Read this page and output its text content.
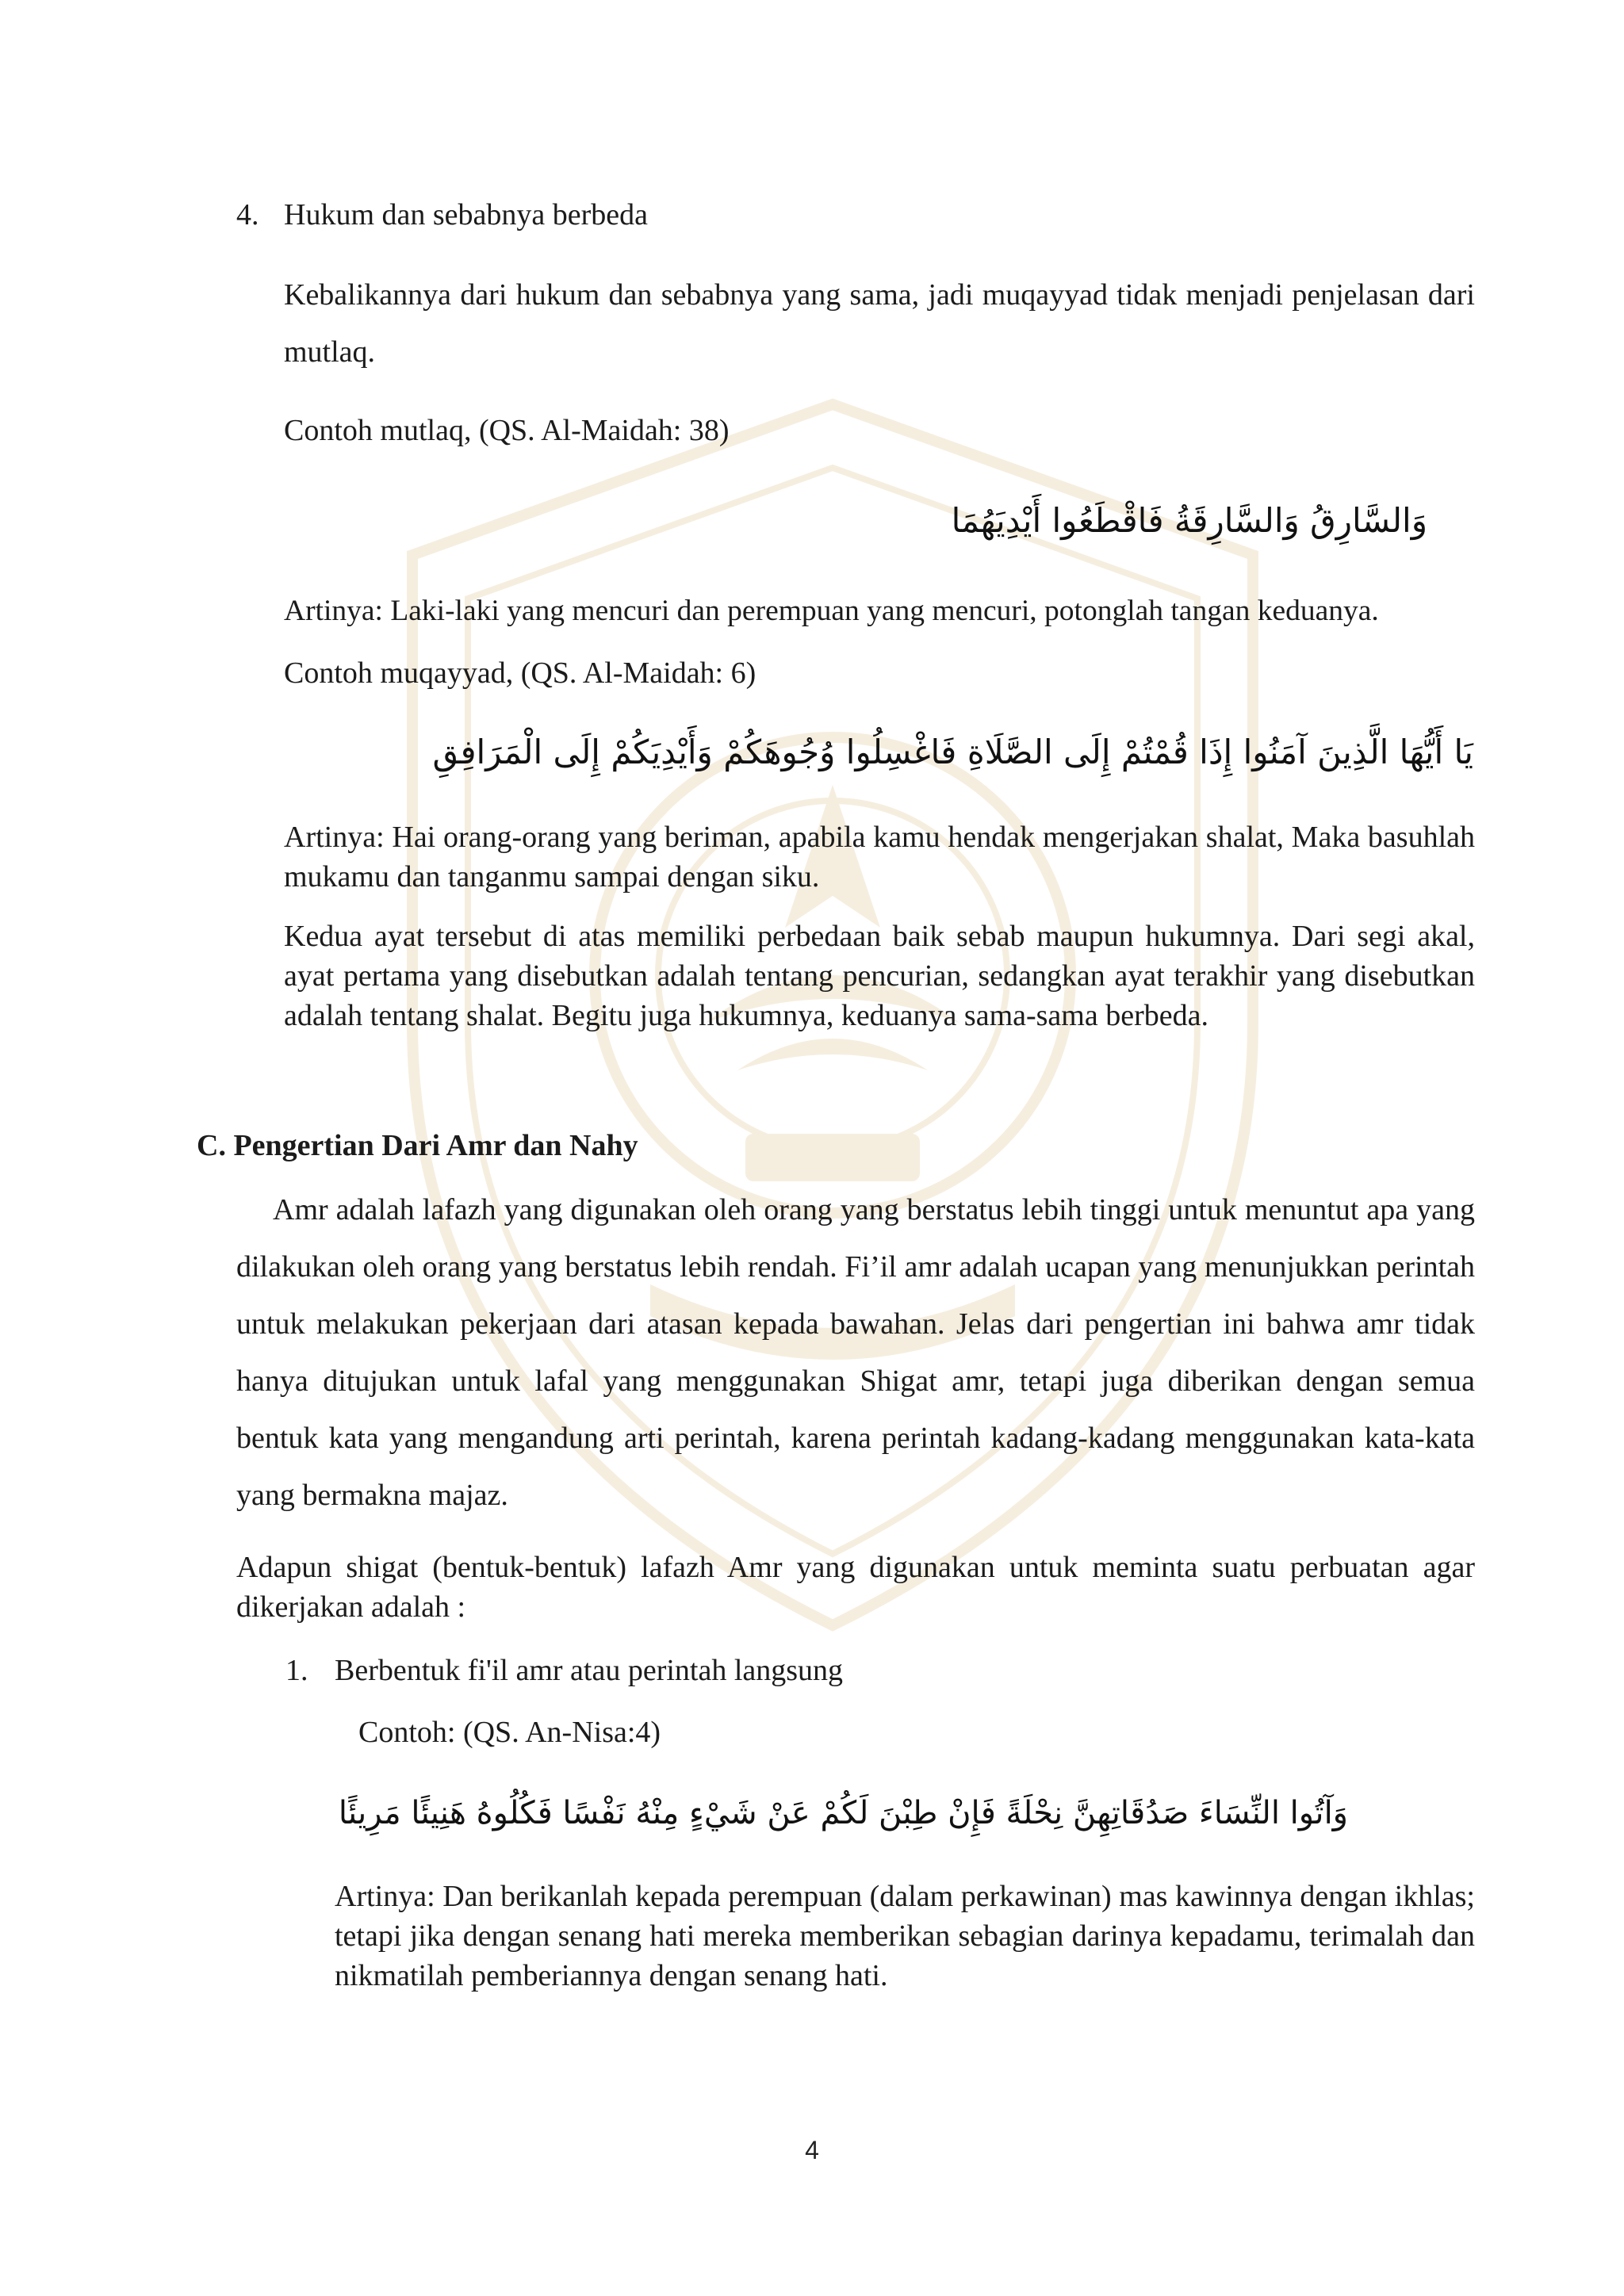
4. Hukum dan sebabnya berbeda
Kebalikannya dari hukum dan sebabnya yang sama, jadi muqayyad tidak menjadi penjelasan dari mutlaq.
Contoh mutlaq, (QS. Al-Maidah: 38)
وَالسَّارِقُ وَالسَّارِقَةُ فَاقْطَعُوا أَيْدِيَهُمَا
Artinya: Laki-laki yang mencuri dan perempuan yang mencuri, potonglah tangan keduanya.
Contoh muqayyad, (QS. Al-Maidah: 6)
يَا أَيُّهَا الَّذِينَ آمَنُوا إِذَا قُمْتُمْ إِلَى الصَّلَاةِ فَاغْسِلُوا وُجُوهَكُمْ وَأَيْدِيَكُمْ إِلَى الْمَرَافِقِ
Artinya: Hai orang-orang yang beriman, apabila kamu hendak mengerjakan shalat, Maka basuhlah mukamu dan tanganmu sampai dengan siku.
Kedua ayat tersebut di atas memiliki perbedaan baik sebab maupun hukumnya. Dari segi akal, ayat pertama yang disebutkan adalah tentang pencurian, sedangkan ayat terakhir yang disebutkan adalah tentang shalat. Begitu juga hukumnya, keduanya sama-sama berbeda.
C. Pengertian Dari Amr dan Nahy
Amr adalah lafazh yang digunakan oleh orang yang berstatus lebih tinggi untuk menuntut apa yang dilakukan oleh orang yang berstatus lebih rendah. Fi’il amr adalah ucapan yang menunjukkan perintah untuk melakukan pekerjaan dari atasan kepada bawahan. Jelas dari pengertian ini bahwa amr tidak hanya ditujukan untuk lafal yang menggunakan Shigat amr, tetapi juga diberikan dengan semua bentuk kata yang mengandung arti perintah, karena perintah kadang-kadang menggunakan kata-kata yang bermakna majaz.
Adapun shigat (bentuk-bentuk) lafazh Amr yang digunakan untuk meminta suatu perbuatan agar dikerjakan adalah :
1. Berbentuk fi'il amr atau perintah langsung
Contoh: (QS. An-Nisa:4)
وَآتُوا النِّسَاءَ صَدُقَاتِهِنَّ نِحْلَةً فَإِنْ طِبْنَ لَكُمْ عَنْ شَيْءٍ مِنْهُ نَفْسًا فَكُلُوهُ هَنِيئًا مَرِيئًا
Artinya: Dan berikanlah kepada perempuan (dalam perkawinan) mas kawinnya dengan ikhlas; tetapi jika dengan senang hati mereka memberikan sebagian darinya kepadamu, terimalah dan nikmatilah pemberiannya dengan senang hati.
4
